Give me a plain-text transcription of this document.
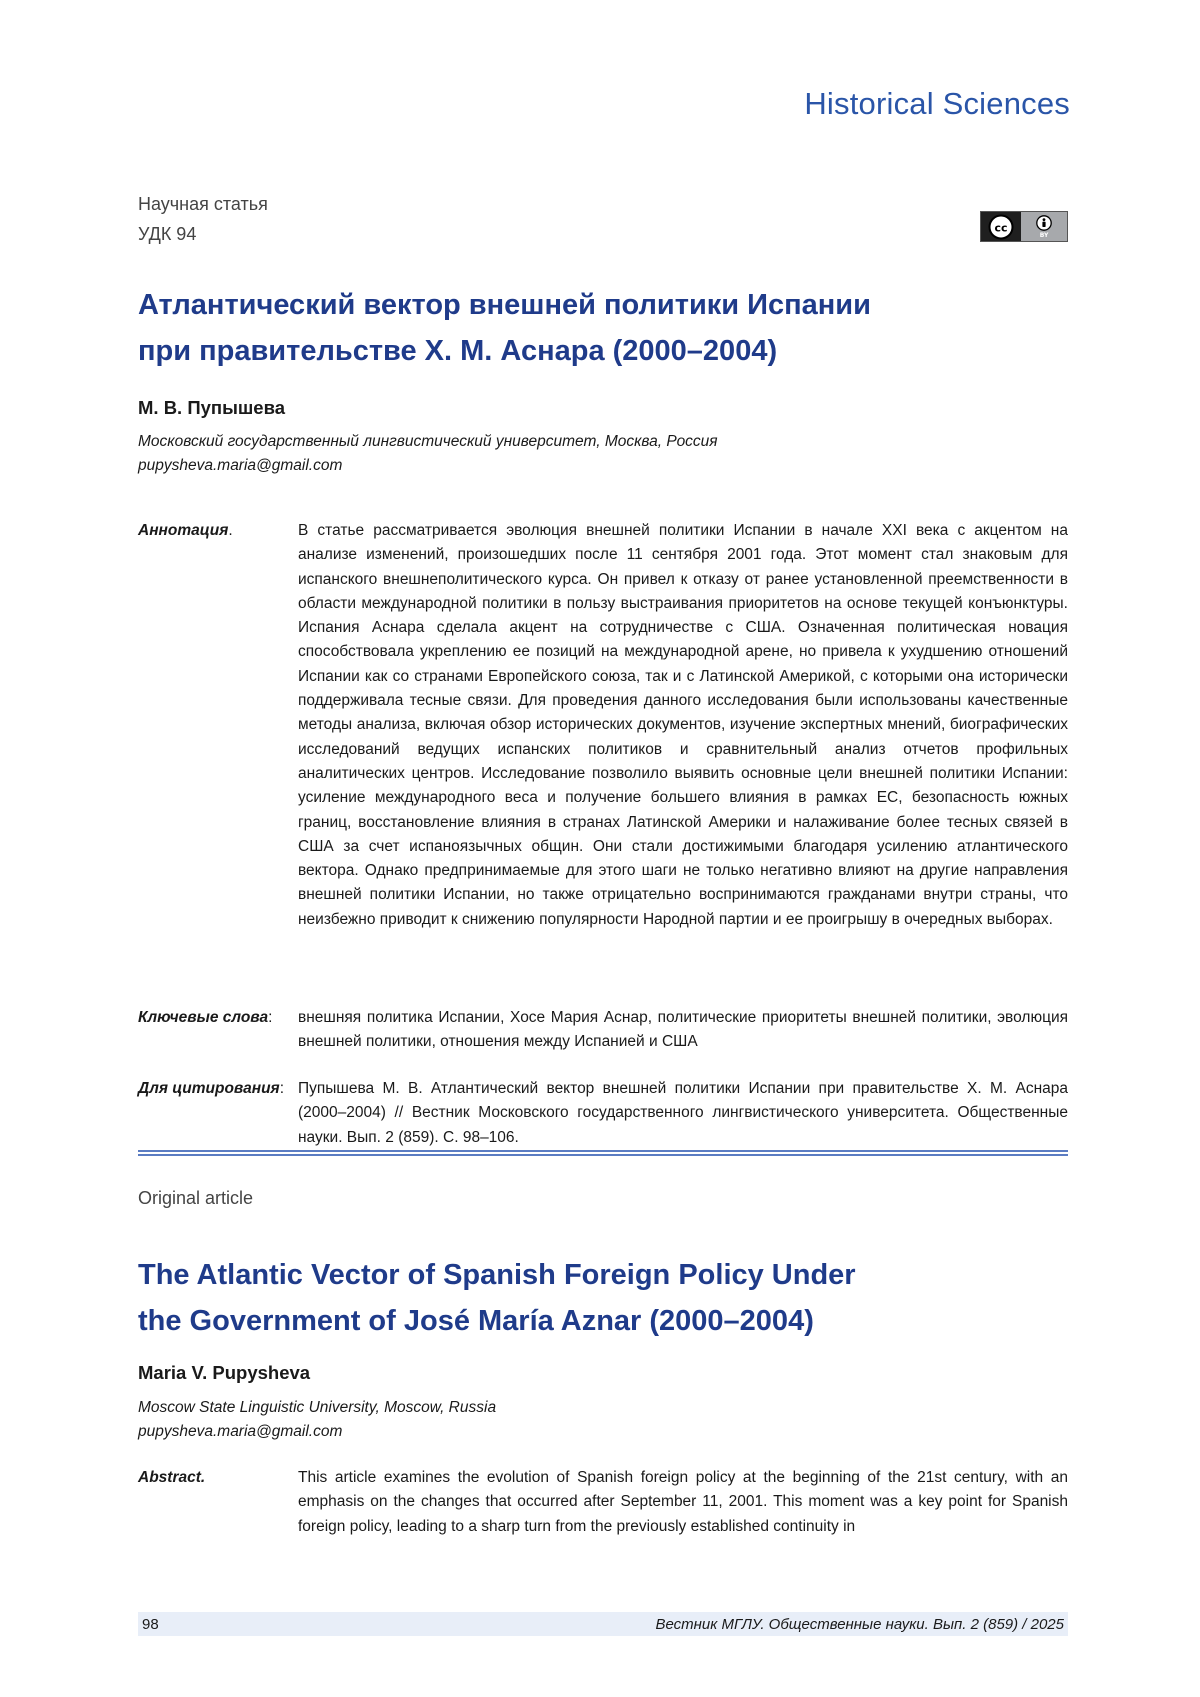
Historical Sciences
Научная статья
УДК 94	cc
BY
Атлантический вектор внешней политики Испании
при правительстве Х. М. Аснара (2000–2004)
М. В. Пупышева
Московский государственный лингвистический университет, Москва, Россия
pupysheva.maria@gmail.com
Аннотация.	В статье рассматривается эволюция внешней политики Испании в начале XXI века с акцентом на анализе изменений, произошедших после 11 сентября 2001 года. Этот момент стал знаковым для испанского внешнеполитического курса. Он привел к отказу от ранее установленной преемственности в области международной политики в пользу выстраивания приоритетов на основе текущей конъюнктуры. Испания Аснара сделала акцент на сотрудничестве с США. Означенная политическая новация способствовала укреплению ее позиций на международной арене, но привела к ухудшению отношений Испании как со странами Европейского союза, так и с Латинской Америкой, с которыми она исторически поддерживала тесные связи. Для проведения данного исследования были использованы качественные методы анализа, включая обзор исторических документов, изучение экспертных мнений, биографических исследований ведущих испанских политиков и сравнительный анализ отчетов профильных аналитических центров. Исследование позволило выявить основные цели внешней политики Испании: усиление международного веса и получение большего влияния в рамках ЕС, безопасность южных границ, восстановление влияния в странах Латинской Америки и налаживание более тесных связей в США за счет испаноязычных общин. Они стали достижимыми благодаря усилению атлантического вектора. Однако предпринимаемые для этого шаги не только негативно влияют на другие направления внешней политики Испании, но также отрицательно воспринимаются гражданами внутри страны, что неизбежно приводит к снижению популярности Народной партии и ее проигрышу в очередных выборах.

Ключевые слова: внешняя политика Испании, Хосе Мария Аснар, политические приоритеты внешней политики, эволюция внешней политики, отношения между Испанией и США

Для цитирования: Пупышева М. В. Атлантический вектор внешней политики Испании при правительстве Х. М. Аснара (2000–2004) // Вестник Московского государственного лингвистического университета. Общественные науки. Вып. 2 (859). С. 98–106.

Original article
The Atlantic Vector of Spanish Foreign Policy Under
the Government of José María Aznar (2000–2004)
Maria V. Pupysheva
Moscow State Linguistic University, Moscow, Russia
pupysheva.maria@gmail.com
Abstract.	This article examines the evolution of Spanish foreign policy at the beginning of the 21st century, with an emphasis on the changes that occurred after September 11, 2001. This moment was a key point for Spanish foreign policy, leading to a sharp turn from the previously established continuity in

98	Вестник МГЛУ. Общественные науки. Вып. 2 (859) / 2025
